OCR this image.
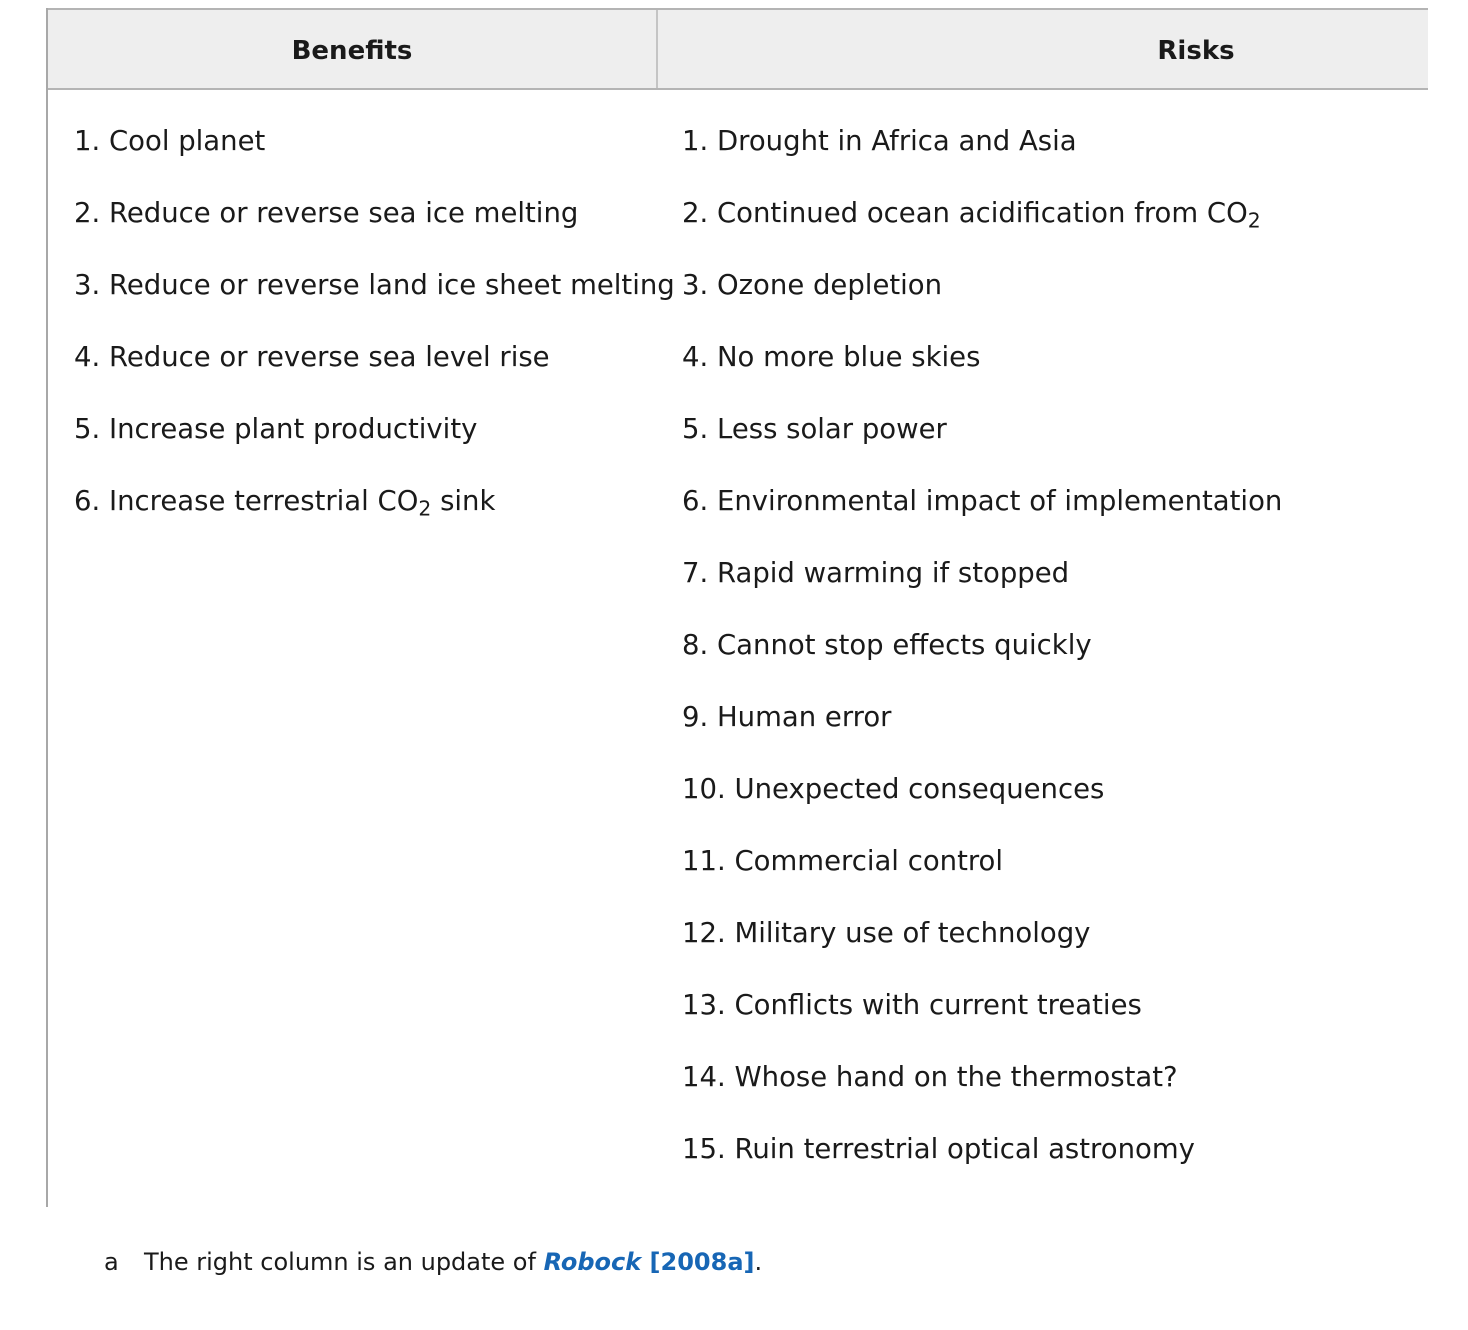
Benefits	Risks
1. Cool planet
2. Reduce or reverse sea ice melting
3. Reduce or reverse land ice sheet melting
4. Reduce or reverse sea level rise
5. Increase plant productivity
6. Increase terrestrial $CO_2$ sink
1. Drought in Africa and Asia
2. Continued ocean acidification from $CO_2$
3. Ozone depletion
4. No more blue skies
5. Less solar power
6. Environmental impact of implementation
7. Rapid warming if stopped
8. Cannot stop effects quickly
9. Human error
10. Unexpected consequences
11. Commercial control
12. Military use of technology
13. Conflicts with current treaties
14. Whose hand on the thermostat?
15. Ruin terrestrial optical astronomy
a The right column is an update of Robock [2008a].
